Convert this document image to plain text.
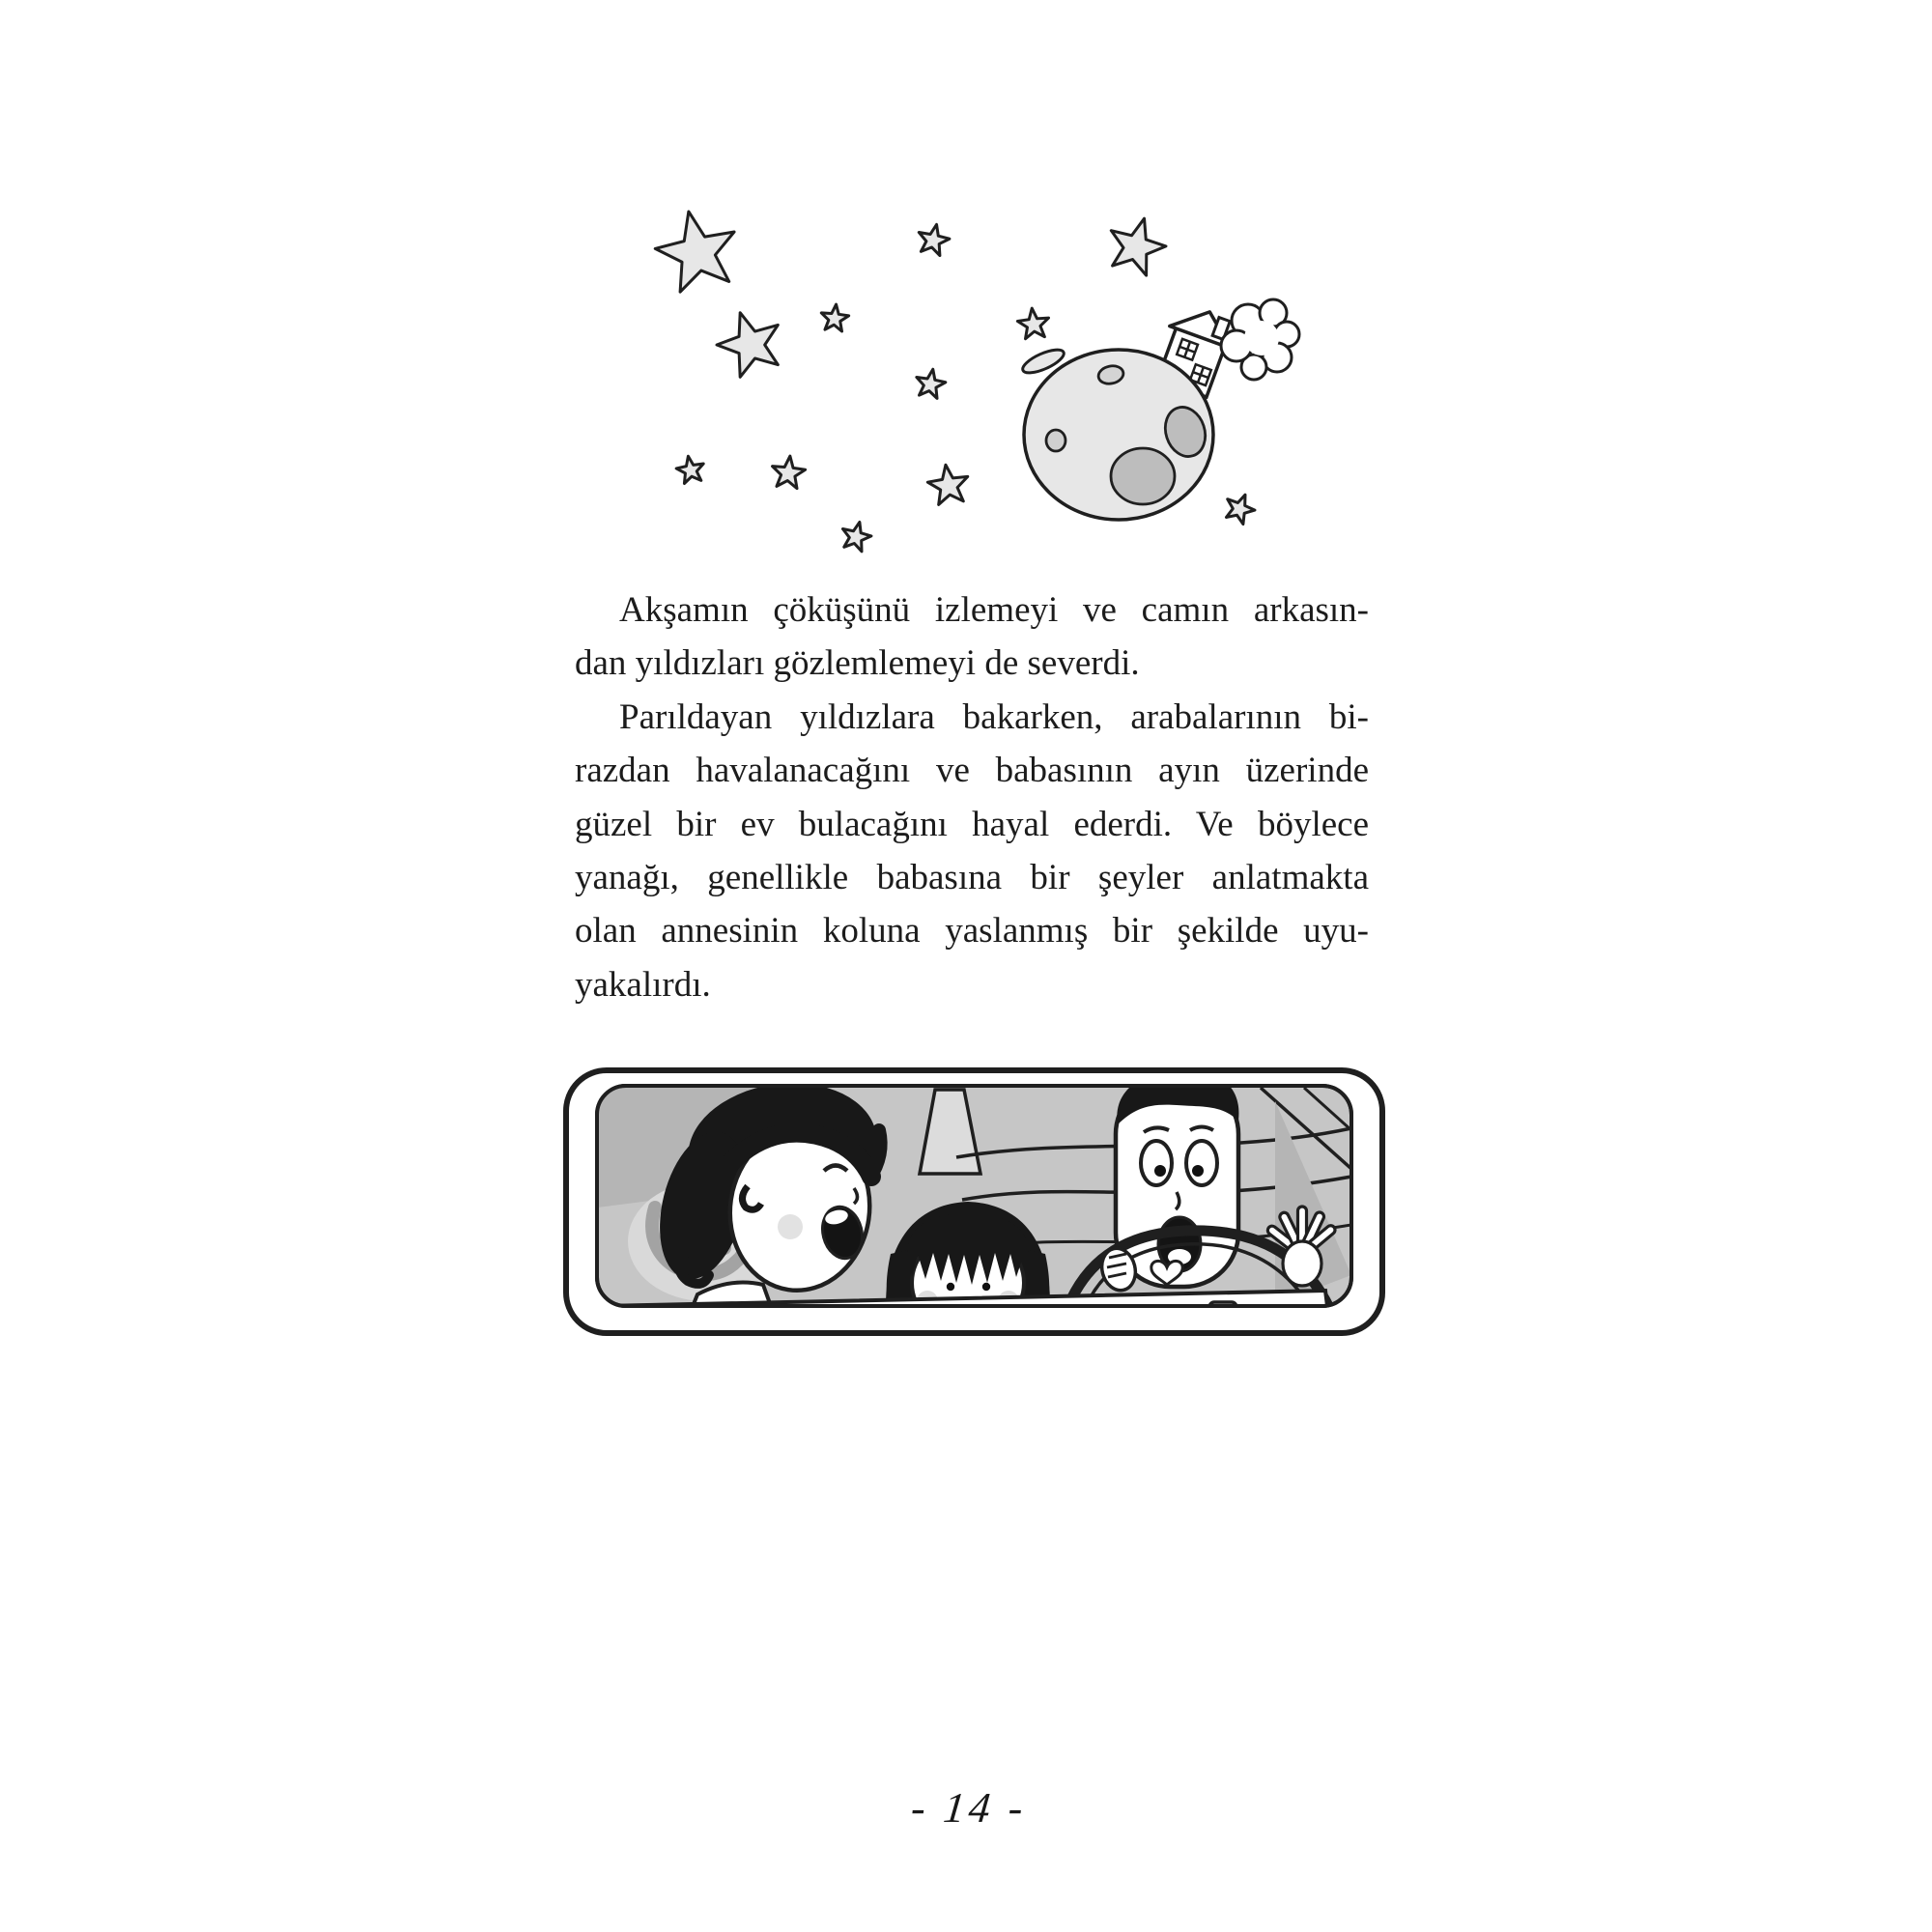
Akşamın çöküşünü izlemeyi ve camın arkasın-

dan yıldızları gözlemlemeyi de severdi.

Parıldayan yıldızlara bakarken, arabalarının bi-

razdan havalanacağını ve babasının ayın üzerinde

güzel bir ev bulacağını hayal ederdi. Ve böylece

yanağı, genellikle babasına bir şeyler anlatmakta

olan annesinin koluna yaslanmış bir şekilde uyu-

yakalırdı.

- 14 -
